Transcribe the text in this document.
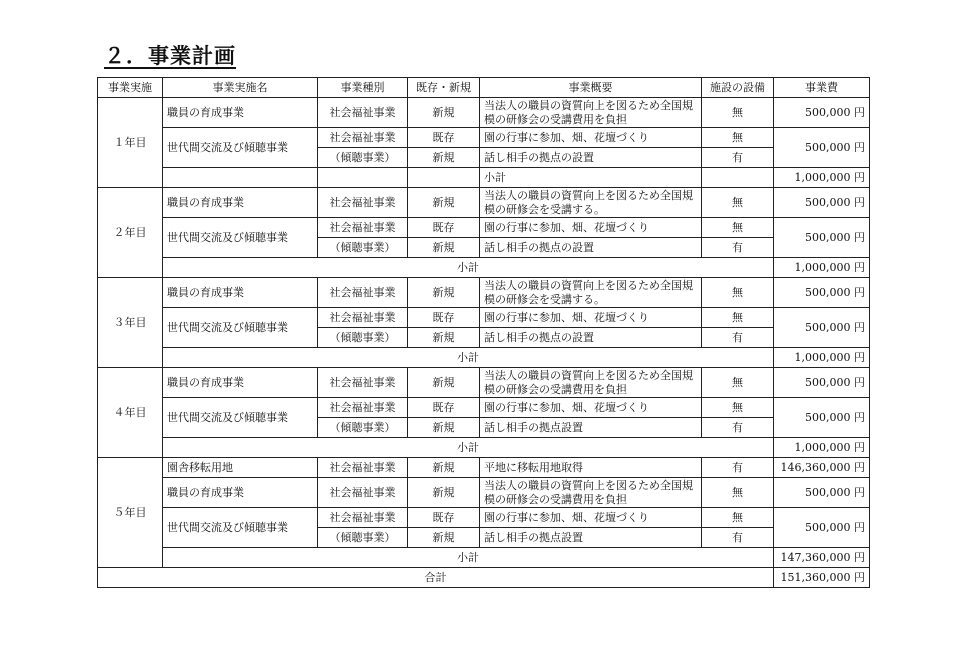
２．事業計画
事業実施	事業実施名	事業種別	既存・新規	事業概要	施設の設備	事業費
１年目	職員の育成事業	社会福祉事業	新規	当法人の職員の資質向上を図るため全国規模の研修会の受講費用を負担	無	500,000 円
	世代間交流及び傾聴事業	社会福祉事業	既存	園の行事に参加、畑、花壇づくり	無	500,000 円
		（傾聴事業）	新規	話し相手の拠点の設置	有	
				小計		1,000,000 円
２年目	職員の育成事業	社会福祉事業	新規	当法人の職員の資質向上を図るため全国規模の研修会を受講する。	無	500,000 円
	世代間交流及び傾聴事業	社会福祉事業	既存	園の行事に参加、畑、花壇づくり	無	500,000 円
		（傾聴事業）	新規	話し相手の拠点の設置	有	
	小計					1,000,000 円
３年目	職員の育成事業	社会福祉事業	新規	当法人の職員の資質向上を図るため全国規模の研修会を受講する。	無	500,000 円
	世代間交流及び傾聴事業	社会福祉事業	既存	園の行事に参加、畑、花壇づくり	無	500,000 円
		（傾聴事業）	新規	話し相手の拠点の設置	有	
	小計					1,000,000 円
４年目	職員の育成事業	社会福祉事業	新規	当法人の職員の資質向上を図るため全国規模の研修会の受講費用を負担	無	500,000 円
	世代間交流及び傾聴事業	社会福祉事業	既存	園の行事に参加、畑、花壇づくり	無	500,000 円
		（傾聴事業）	新規	話し相手の拠点設置	有	
	小計					1,000,000 円
５年目	園舎移転用地	社会福祉事業	新規	平地に移転用地取得	有	146,360,000 円
	職員の育成事業	社会福祉事業	新規	当法人の職員の資質向上を図るため全国規模の研修会の受講費用を負担	無	500,000 円
	世代間交流及び傾聴事業	社会福祉事業	既存	園の行事に参加、畑、花壇づくり	無	500,000 円
		（傾聴事業）	新規	話し相手の拠点設置	有	
	小計					147,360,000 円
合計						151,360,000 円
